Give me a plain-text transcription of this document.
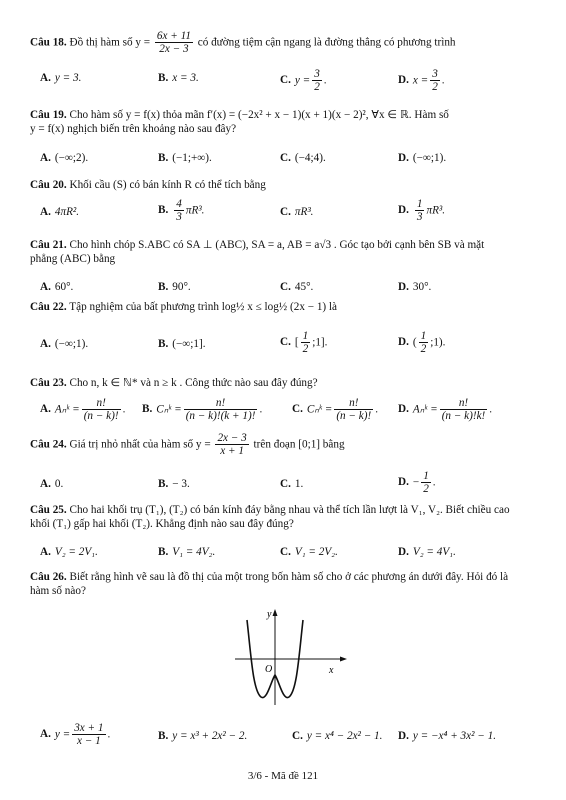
Câu 18. Đồ thị hàm số $y = \frac{6x + 11}{2x - 3}$ có đường tiệm cận ngang là đường thẳng có phương trình
A. y = 3.	B. x = 3.	C. $y = \frac{3}{2}$ .	D. $x = \frac{3}{2}$ .
Câu 19. Cho hàm số y = f(x) thỏa mãn f′(x) = (−2x² + x − 1)(x + 1)(x − 2)², ∀x ∈ ℝ. Hàm số
y = f(x) nghịch biến trên khoảng nào sau đây?
A. (−∞;2).	B. (−1;+∞).	C. (−4;4).	D. (−∞;1).
Câu 20. Khối cầu (S) có bán kính R có thể tích bằng
A. 4πR².	B. $\frac{4}{3} \pi R^3$.	C. πR³.	D. $\frac{1}{3} \pi R^3$.
Câu 21. Cho hình chóp S.ABC có SA ⊥ (ABC), SA = a, AB = a√3 . Góc tạo bởi cạnh bên SB và mặt
phẳng (ABC) bằng
A. 60°.	B. 90°.	C. 45°.	D. 30°.
Câu 22. Tập nghiệm của bất phương trình log½ x ≤ log½ (2x − 1) là
A. (−∞;1).	B. (−∞;1].	C. [ $\frac{1}{2}$ ;1].	D. ( $\frac{1}{2}$ ;1).
Câu 23. Cho n, k ∈ ℕ* và n ≥ k . Công thức nào sau đây đúng?
A. Aₙᵏ = $\frac{n!}{(n - k)!}$ . B. Cₙᵏ = $\frac{n!}{(n - k)!(k + 1)!}$ .	C. Cₙᵏ = $\frac{n!}{(n - k)!}$ . D. Aₙᵏ = $\frac{n!}{(n - k)!k!}$ .
Câu 24. Giá trị nhỏ nhất của hàm số $y = \frac{2x - 3}{x + 1}$ trên đoạn [0;1] bằng
A. 0.	B. − 3.	C. 1.	D. − $\frac{1}{2}$ .
Câu 25. Cho hai khối trụ (T₁), (T₂) có bán kính đáy bằng nhau và thể tích lần lượt là V₁, V₂. Biết chiều cao
khối (T₁) gấp hai khối (T₂). Khẳng định nào sau đây đúng?
A. V₂ = 2V₁.	B. V₁ = 4V₂.	C. V₁ = 2V₂.	D. V₂ = 4V₁.
Câu 26. Biết rằng hình vẽ sau là đồ thị của một trong bốn hàm số cho ở các phương án dưới đây. Hỏi đó là
hàm số nào?
y
x
O
A. $y = \frac{3x + 1}{x - 1}$ .	B. y = x³ + 2x² − 2.	C. y = x⁴ − 2x² − 1. D. y = −x⁴ + 3x² − 1.
3/6 - Mã đề 121
